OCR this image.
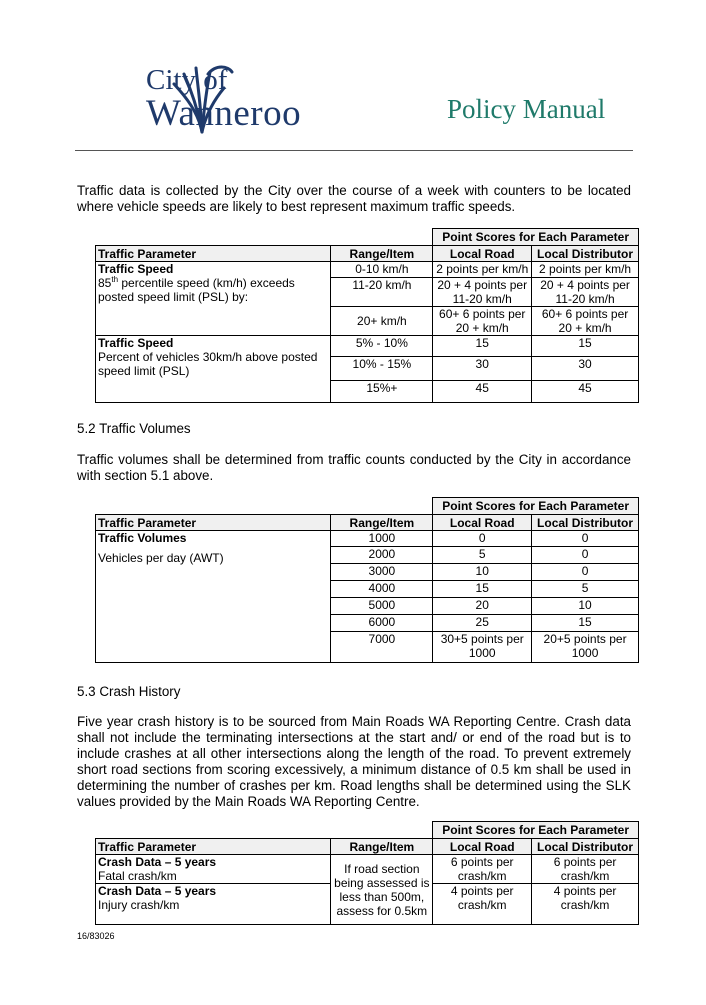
City of
Wanneroo	Policy Manual
Traffic data is collected by the City over the course of a week with counters to be located where vehicle speeds are likely to best represent maximum traffic speeds.
		Point Scores for Each Parameter	
Traffic Parameter	Range/Item	Local Road	Local Distributor

Traffic Speed
85th percentile speed (km/h) exceeds posted speed limit (PSL) by:	0-10 km/h	2 points per km/h	2 points per km/h
	11-20 km/h	20 + 4 points per 11-20 km/h	20 + 4 points per 11-20 km/h
	20+ km/h	60+ 6 points per 20 + km/h	60+ 6 points per 20 + km/h

Traffic Speed
Percent of vehicles 30km/h above posted speed limit (PSL)	5% - 10%	15	15
	10% - 15%	30	30
	15%+	45	45
5.2 Traffic Volumes
Traffic volumes shall be determined from traffic counts conducted by the City in accordance with section 5.1 above.
		Point Scores for Each Parameter	
Traffic Parameter	Range/Item	Local Road	Local Distributor

Traffic Volumes
Vehicles per day (AWT)	1000	0	0
	2000	5	0
	3000	10	0
	4000	15	5
	5000	20	10
	6000	25	15
	7000	30+5 points per 1000	20+5 points per 1000
5.3 Crash History
Five year crash history is to be sourced from Main Roads WA Reporting Centre. Crash data shall not include the terminating intersections at the start and/ or end of the road but is to include crashes at all other intersections along the length of the road. To prevent extremely short road sections from scoring excessively, a minimum distance of 0.5 km shall be used in determining the number of crashes per km. Road lengths shall be determined using the SLK values provided by the Main Roads WA Reporting Centre.
		Point Scores for Each Parameter	
Traffic Parameter	Range/Item	Local Road	Local Distributor

Crash Data – 5 years
Fatal crash/km	If road section being assessed is less than 500m, assess for 0.5km	6 points per crash/km	6 points per crash/km

Crash Data – 5 years
Injury crash/km		4 points per crash/km	4 points per crash/km
16/83026
